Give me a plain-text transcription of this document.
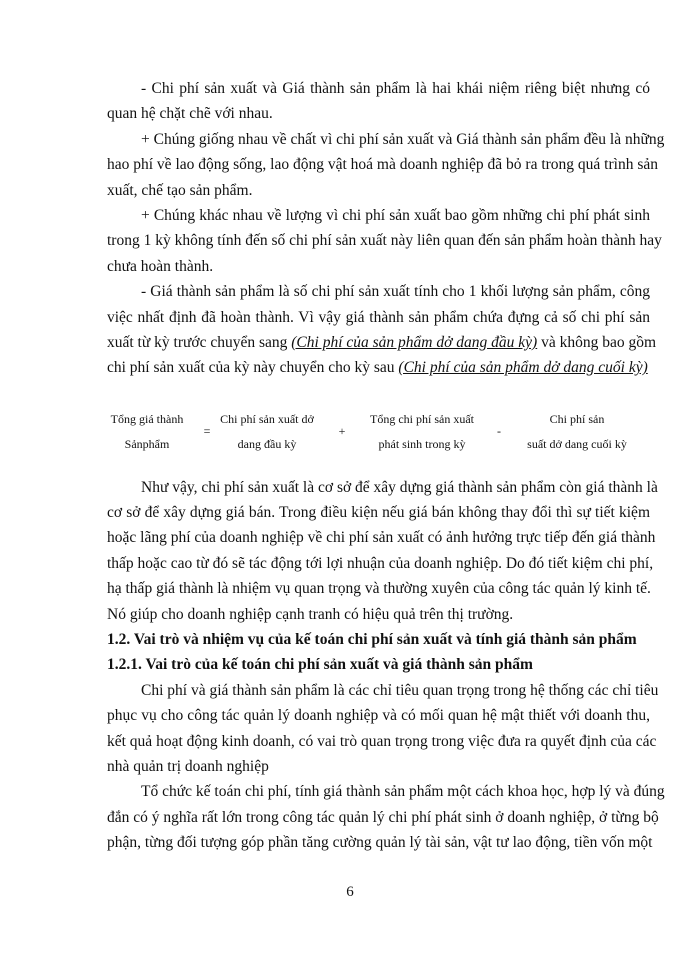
- Chi phí sản xuất và Giá thành sản phẩm là hai khái niệm riêng biệt nhưng có
quan hệ chặt chẽ với nhau.
+ Chúng giống nhau về chất vì chi phí sản xuất và Giá thành sản phẩm đều là những
hao phí về lao động sống, lao động vật hoá mà doanh nghiệp đã bỏ ra trong quá trình sản
xuất, chế tạo sản phẩm.
+ Chúng khác nhau về lượng vì chi phí sản xuất bao gồm những chi phí phát sinh
trong 1 kỳ không tính đến số chi phí sản xuất này liên quan đến sản phẩm hoàn thành hay
chưa hoàn thành.
- Giá thành sản phẩm là số chi phí sản xuất tính cho 1 khối lượng sản phẩm, công
việc nhất định đã hoàn thành. Vì vậy giá thành sản phẩm chứa đựng cả số chi phí sản
xuất từ kỳ trước chuyển sang (Chi phí của sản phẩm dở dang đầu kỳ) và không bao gồm
chi phí sản xuất của kỳ này chuyển cho kỳ sau (Chi phí của sản phẩm dở dang cuối kỳ)
Tổng giá thành
Sảnphẩm
=
Chi phí sản xuất dở
dang đầu kỳ
+
Tổng chi phí sản xuất
phát sinh trong kỳ
-
Chi phí sản
suất dở dang cuối kỳ
Như vậy, chi phí sản xuất là cơ sở để xây dựng giá thành sản phẩm còn giá thành là
cơ sở để xây dựng giá bán. Trong điều kiện nếu giá bán không thay đổi thì sự tiết kiệm
hoặc lãng phí của doanh nghiệp về chi phí sản xuất có ảnh hưởng trực tiếp đến giá thành
thấp hoặc cao từ đó sẽ tác động tới lợi nhuận của doanh nghiệp. Do đó tiết kiệm chi phí,
hạ thấp giá thành là nhiệm vụ quan trọng và thường xuyên của công tác quản lý kinh tế.
Nó giúp cho doanh nghiệp cạnh tranh có hiệu quả trên thị trường.
1.2. Vai trò và nhiệm vụ của kế toán chi phí sản xuất và tính giá thành sản phẩm
1.2.1. Vai trò của kế toán chi phí sản xuất và giá thành sản phẩm
Chi phí và giá thành sản phẩm là các chỉ tiêu quan trọng trong hệ thống các chỉ tiêu
phục vụ cho công tác quản lý doanh nghiệp và có mối quan hệ mật thiết với doanh thu,
kết quả hoạt động kinh doanh, có vai trò quan trọng trong việc đưa ra quyết định của các
nhà quản trị doanh nghiệp
Tổ chức kế toán chi phí, tính giá thành sản phẩm một cách khoa học, hợp lý và đúng
đắn có ý nghĩa rất lớn trong công tác quản lý chi phí phát sinh ở doanh nghiệp, ở từng bộ
phận, từng đối tượng góp phần tăng cường quản lý tài sản, vật tư lao động, tiền vốn một
6
